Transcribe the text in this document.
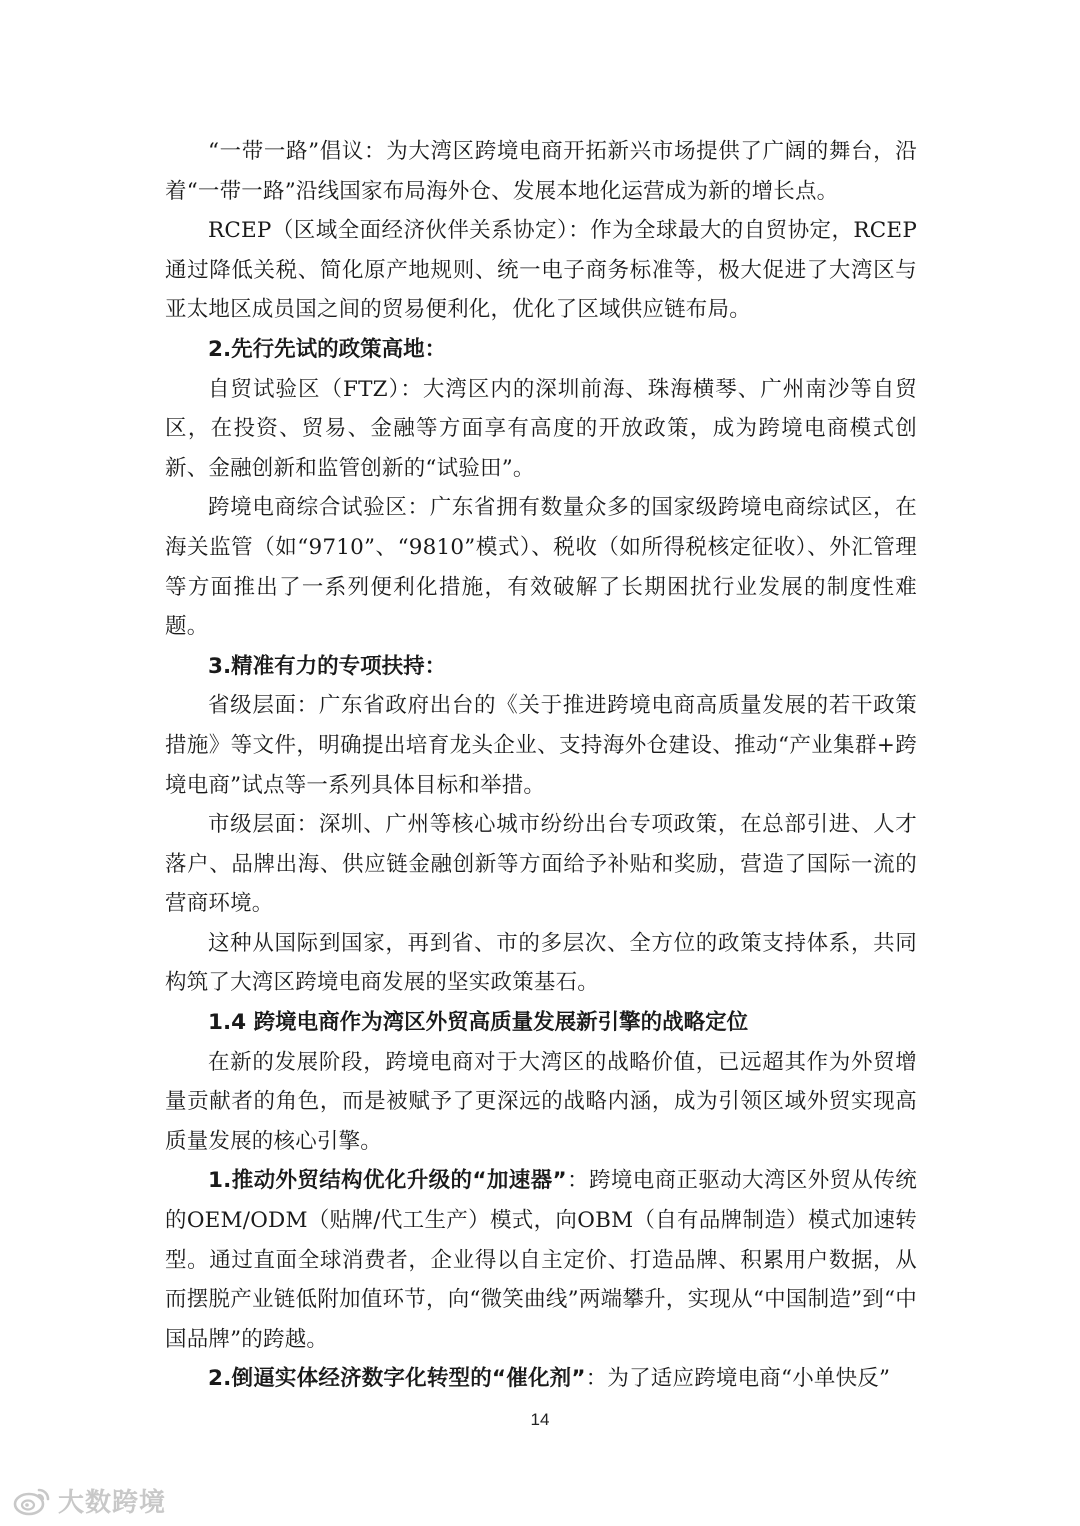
“一带一路”倡议：为大湾区跨境电商开拓新兴市场提供了广阔的舞台，沿着“一带一路”沿线国家布局海外仓、发展本地化运营成为新的增长点。

RCEP（区域全面经济伙伴关系协定）：作为全球最大的自贸协定，RCEP 通过降低关税、简化原产地规则、统一电子商务标准等，极大促进了大湾区与亚太地区成员国之间的贸易便利化，优化了区域供应链布局。

2.先行先试的政策高地：

自贸试验区（FTZ）：大湾区内的深圳前海、珠海横琴、广州南沙等自贸区，在投资、贸易、金融等方面享有高度的开放政策，成为跨境电商模式创新、金融创新和监管创新的“试验田”。

跨境电商综合试验区：广东省拥有数量众多的国家级跨境电商综试区，在海关监管（如“9710”、“9810”模式）、税收（如所得税核定征收）、外汇管理等方面推出了一系列便利化措施，有效破解了长期困扰行业发展的制度性难题。

3.精准有力的专项扶持：

省级层面：广东省政府出台的《关于推进跨境电商高质量发展的若干政策措施》等文件，明确提出培育龙头企业、支持海外仓建设、推动“产业集群+跨境电商”试点等一系列具体目标和举措。

市级层面：深圳、广州等核心城市纷纷出台专项政策，在总部引进、人才落户、品牌出海、供应链金融创新等方面给予补贴和奖励，营造了国际一流的营商环境。

这种从国际到国家，再到省、市的多层次、全方位的政策支持体系，共同构筑了大湾区跨境电商发展的坚实政策基石。

1.4 跨境电商作为湾区外贸高质量发展新引擎的战略定位

在新的发展阶段，跨境电商对于大湾区的战略价值，已远超其作为外贸增量贡献者的角色，而是被赋予了更深远的战略内涵，成为引领区域外贸实现高质量发展的核心引擎。

1.推动外贸结构优化升级的“加速器”：跨境电商正驱动大湾区外贸从传统的OEM/ODM（贴牌/代工生产）模式，向OBM（自有品牌制造）模式加速转型。通过直面全球消费者，企业得以自主定价、打造品牌、积累用户数据，从而摆脱产业链低附加值环节，向“微笑曲线”两端攀升，实现从“中国制造”到“中国品牌”的跨越。

2.倒逼实体经济数字化转型的“催化剂”：为了适应跨境电商“小单快反”

14
大数跨境
